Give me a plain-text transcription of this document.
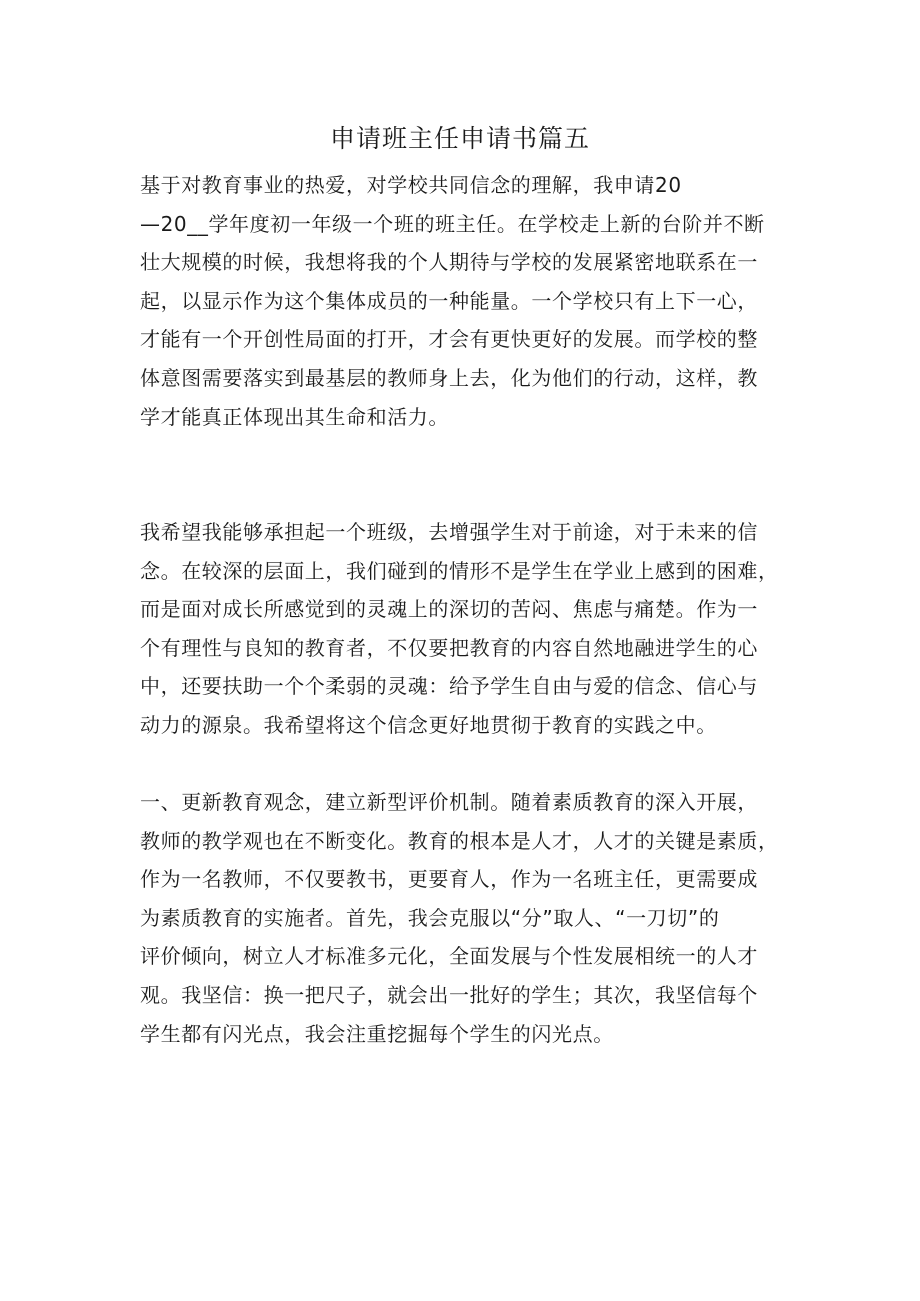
申请班主任申请书篇五
基于对教育事业的热爱，对学校共同信念的理解，我申请20
—20__学年度初一年级一个班的班主任。在学校走上新的台阶并不断
壮大规模的时候，我想将我的个人期待与学校的发展紧密地联系在一
起，以显示作为这个集体成员的一种能量。一个学校只有上下一心，
才能有一个开创性局面的打开，才会有更快更好的发展。而学校的整
体意图需要落实到最基层的教师身上去，化为他们的行动，这样，教
学才能真正体现出其生命和活力。
我希望我能够承担起一个班级，去增强学生对于前途，对于未来的信
念。在较深的层面上，我们碰到的情形不是学生在学业上感到的困难，
而是面对成长所感觉到的灵魂上的深切的苦闷、焦虑与痛楚。作为一
个有理性与良知的教育者，不仅要把教育的内容自然地融进学生的心
中，还要扶助一个个柔弱的灵魂：给予学生自由与爱的信念、信心与
动力的源泉。我希望将这个信念更好地贯彻于教育的实践之中。
一、更新教育观念，建立新型评价机制。随着素质教育的深入开展，
教师的教学观也在不断变化。教育的根本是人才，人才的关键是素质，
作为一名教师，不仅要教书，更要育人，作为一名班主任，更需要成
为素质教育的实施者。首先，我会克服以“分”取人、“一刀切”的
评价倾向，树立人才标准多元化，全面发展与个性发展相统一的人才
观。我坚信：换一把尺子，就会出一批好的学生；其次，我坚信每个
学生都有闪光点，我会注重挖掘每个学生的闪光点。
